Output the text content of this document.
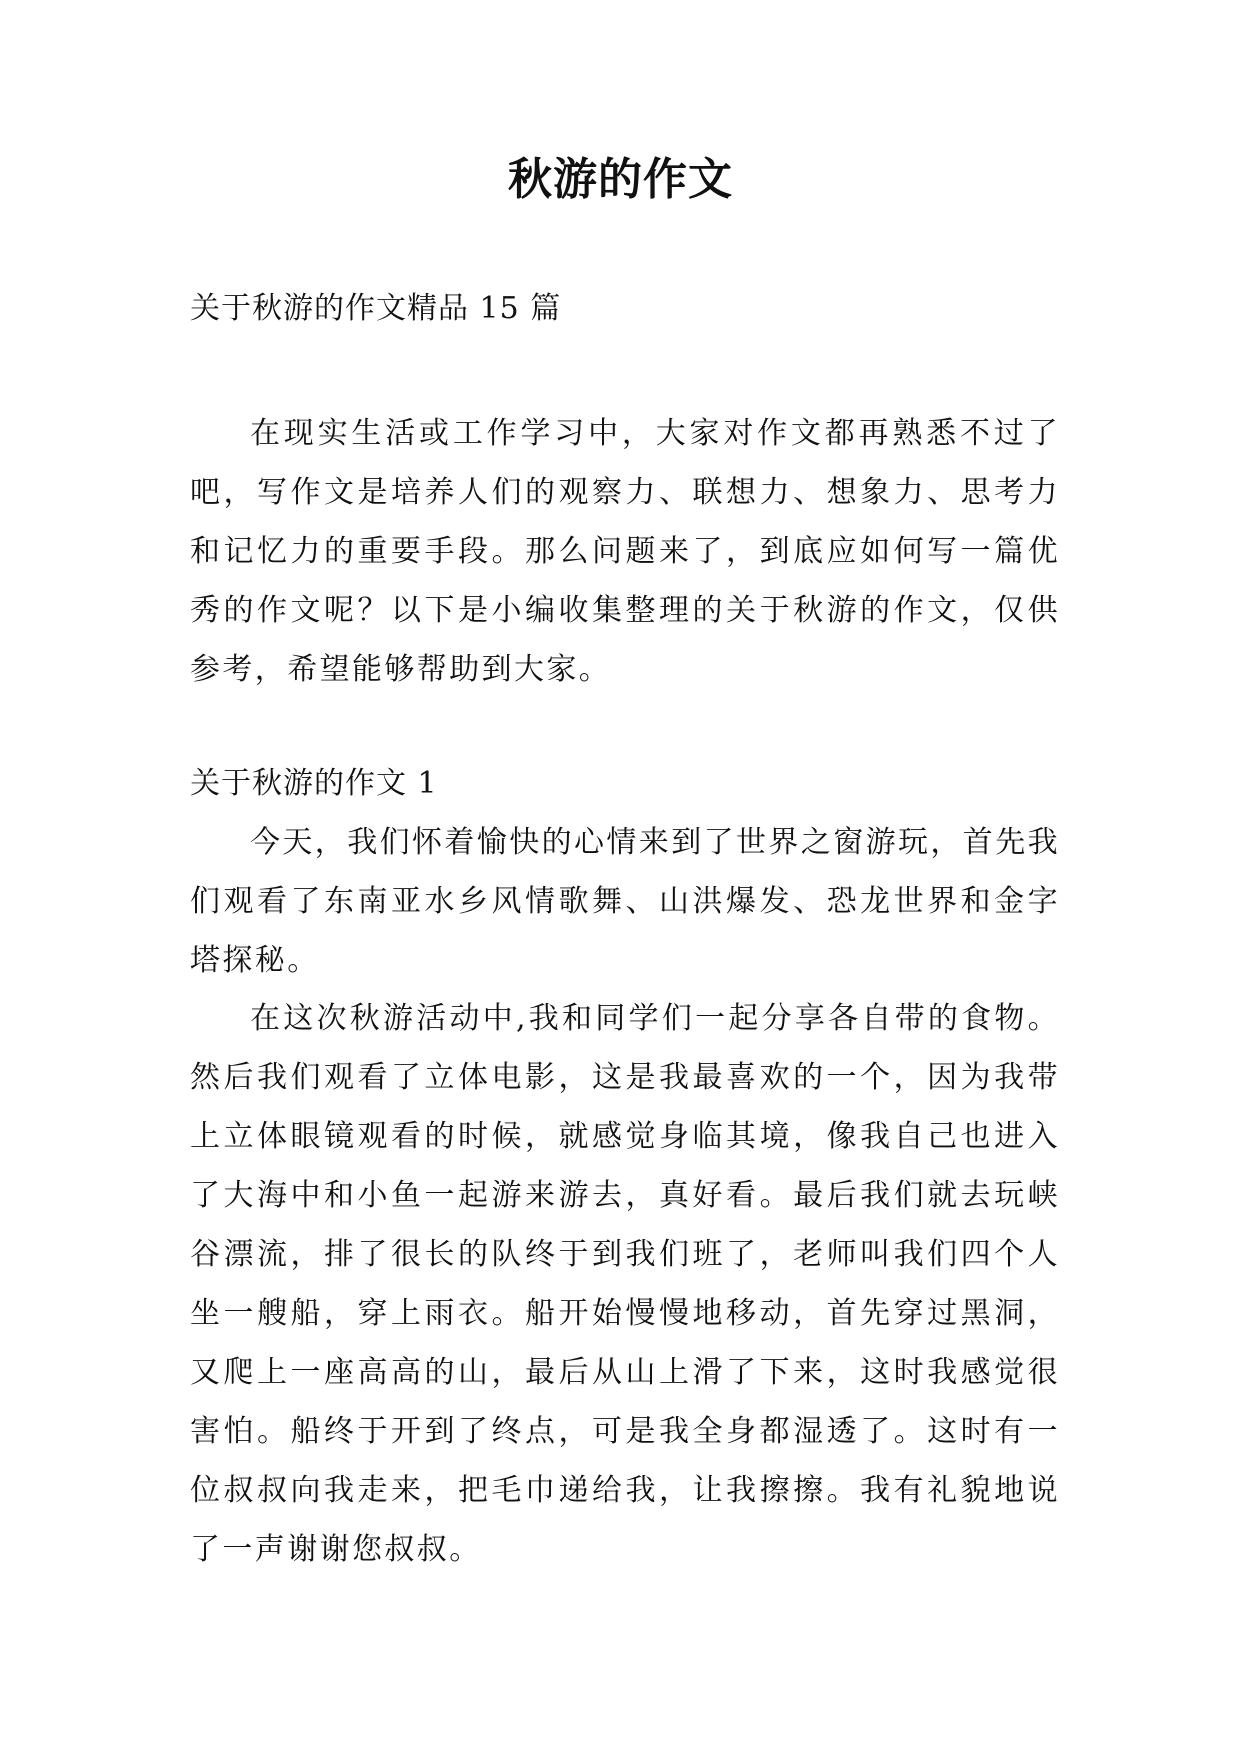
秋游的作文
关于秋游的作文精品 15 篇

在现实生活或工作学习中，大家对作文都再熟悉不过了吧，写作文是培养人们的观察力、联想力、想象力、思考力和记忆力的重要手段。那么问题来了，到底应如何写一篇优秀的作文呢？以下是小编收集整理的关于秋游的作文，仅供参考，希望能够帮助到大家。

关于秋游的作文 1

今天，我们怀着愉快的心情来到了世界之窗游玩，首先我们观看了东南亚水乡风情歌舞、山洪爆发、恐龙世界和金字塔探秘。

在这次秋游活动中,我和同学们一起分享各自带的食物。然后我们观看了立体电影，这是我最喜欢的一个，因为我带上立体眼镜观看的时候，就感觉身临其境，像我自己也进入了大海中和小鱼一起游来游去，真好看。最后我们就去玩峡谷漂流，排了很长的队终于到我们班了，老师叫我们四个人坐一艘船，穿上雨衣。船开始慢慢地移动，首先穿过黑洞，又爬上一座高高的山，最后从山上滑了下来，这时我感觉很害怕。船终于开到了终点，可是我全身都湿透了。这时有一位叔叔向我走来，把毛巾递给我，让我擦擦。我有礼貌地说了一声谢谢您叔叔。
